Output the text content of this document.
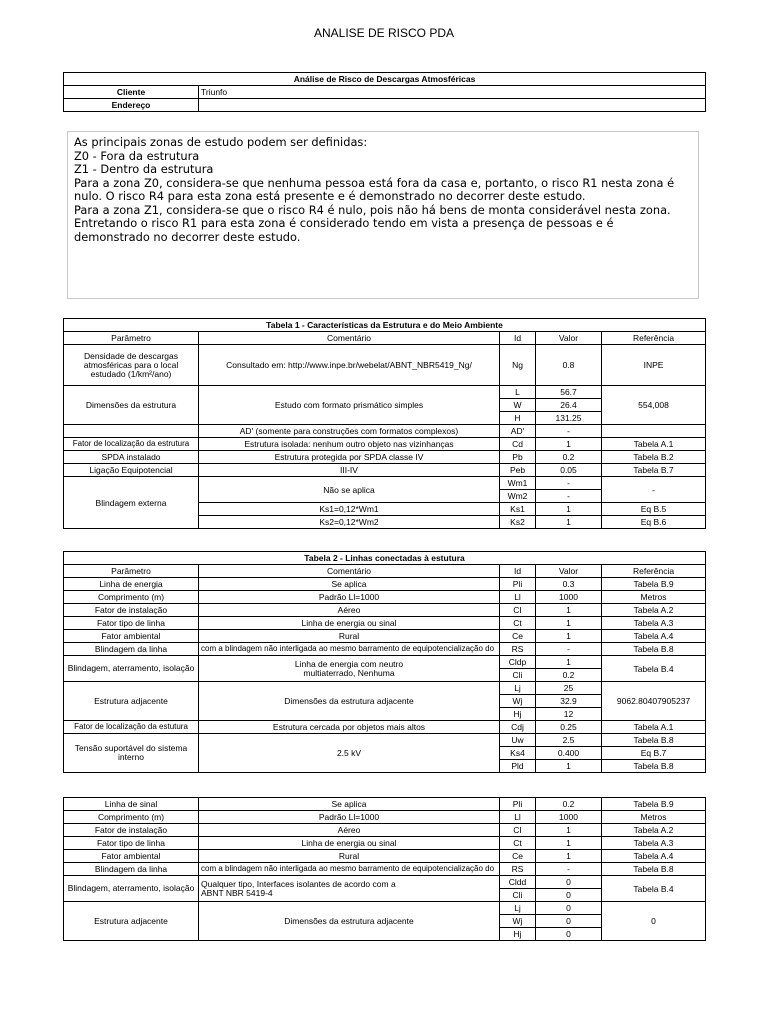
ANALISE DE RISCO PDA
Análise de Risco de Descargas Atmosféricas	
Cliente	Triunfo
Endereço	
As principais zonas de estudo podem ser definidas:
Z0 - Fora da estrutura
Z1 - Dentro da estrutura
Para a zona Z0, considera-se que nenhuma pessoa está fora da casa e, portanto, o risco R1 nesta zona é nulo. O risco R4 para esta zona está presente e é demonstrado no decorrer deste estudo.
Para a zona Z1, considera-se que o risco R4 é nulo, pois não há bens de monta considerável nesta zona. Entretando o risco R1 para esta zona é considerado tendo em vista a presença de pessoas e é demonstrado no decorrer deste estudo.
Tabela 1 - Características da Estrutura e do Meio Ambiente				
Parâmetro	Comentário	Id	Valor	Referência
Densidade de descargas atmosféricas para o local estudado (1/km²/ano)	Consultado em: http://www.inpe.br/webelat/ABNT_NBR5419_Ng/	Ng	0.8	INPE
Dimensões da estrutura	Estudo com formato prismático simples	L	56.7	554,008
		W	26.4	
		H	131.25	
	AD' (somente para construções com formatos complexos)	AD'	-	
Fator de localização da estrutura	Estrutura isolada: nenhum outro objeto nas vizinhanças	Cd	1	Tabela A.1
SPDA instalado	Estrutura protegida por SPDA classe IV	Pb	0.2	Tabela B.2
Ligação Equipotencial	III-IV	Peb	0.05	Tabela B.7
Blindagem externa	Não se aplica	Wm1	-	-
		Wm2	-	
	Ks1=0,12*Wm1	Ks1	1	Eq B.5
	Ks2=0,12*Wm2	Ks2	1	Eq B.6
Tabela 2 - Linhas conectadas à estutura				
Parâmetro	Comentário	Id	Valor	Referência
Linha de energia	Se aplica	Pli	0.3	Tabela B.9
Comprimento (m)	Padrão Ll=1000	Ll	1000	Metros
Fator de instalação	Aéreo	CI	1	Tabela A.2
Fator tipo de linha	Linha de energia ou sinal	Ct	1	Tabela A.3
Fator ambiental	Rural	Ce	1	Tabela A.4
Blindagem da linha	com a blindagem não interligada ao mesmo barramento de equipotencialização do	RS	-	Tabela B.8
Blindagem, aterramento, isolação	Linha de energia com neutro multiaterrado, Nenhuma	Cldp	1	Tabela B.4
		Cli	0.2	
Estrutura adjacente	Dimensões da estrutura adjacente	Lj	25	9062.80407905237
		Wj	32.9	
		Hj	12	
Fator de localização da estutura	Estrutura cercada por objetos mais altos	Cdj	0.25	Tabela A.1
Tensão suportável do sistema interno	2.5 kV	Uw	2.5	Tabela B.8
		Ks4	0.400	Eq B.7
		Pld	1	Tabela B.8
Linha de sinal	Se aplica	Pli	0.2	Tabela B.9
Comprimento (m)	Padrão Ll=1000	Ll	1000	Metros
Fator de instalação	Aéreo	CI	1	Tabela A.2
Fator tipo de linha	Linha de energia ou sinal	Ct	1	Tabela A.3
Fator ambiental	Rural	Ce	1	Tabela A.4
Blindagem da linha	com a blindagem não interligada ao mesmo barramento de equipotencialização do	RS	-	Tabela B.8
Blindagem, aterramento, isolação	Qualquer tipo, Interfaces isolantes de acordo com a ABNT NBR 5419-4	Cldd	0	Tabela B.4
		Cli	0	
Estrutura adjacente	Dimensões da estrutura adjacente	Lj	0	0
		Wj	0	
		Hj	0	
